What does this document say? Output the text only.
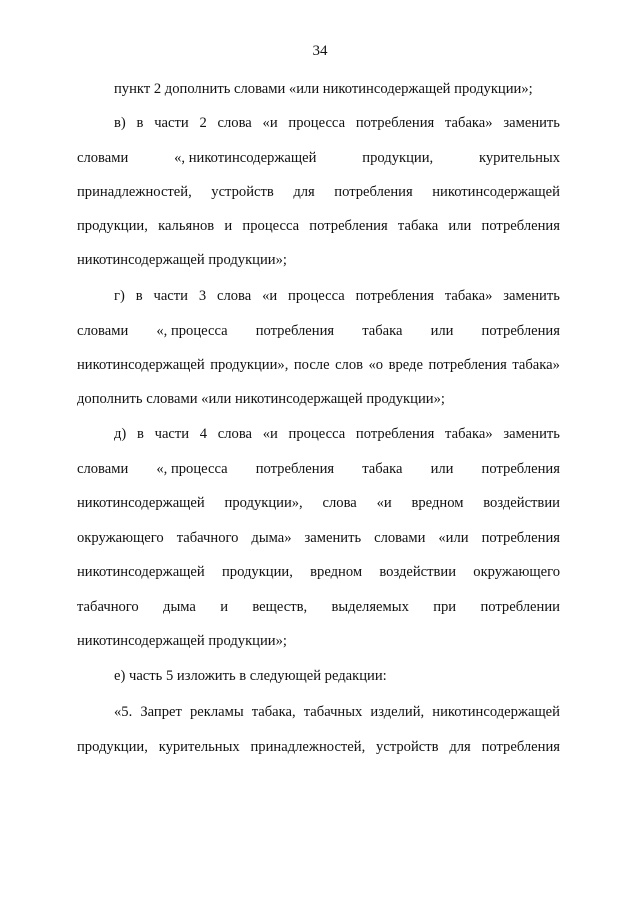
34
пункт 2 дополнить словами «или никотинсодержащей продукции»;
в) в части 2 слова «и процесса потребления табака» заменить
словами	«, никотинсодержащей	продукции,	курительных
принадлежностей, устройств для потребления никотинсодержащей
продукции, кальянов и процесса потребления табака или потребления
никотинсодержащей продукции»;
г) в части 3 слова «и процесса потребления табака» заменить
словами «, процесса потребления табака или потребления
никотинсодержащей продукции», после слов «о вреде потребления табака»
дополнить словами «или никотинсодержащей продукции»;
д) в части 4 слова «и процесса потребления табака» заменить
словами «, процесса потребления табака или потребления
никотинсодержащей продукции», слова «и вредном воздействии
окружающего табачного дыма» заменить словами «или потребления
никотинсодержащей продукции, вредном воздействии окружающего
табачного дыма и веществ, выделяемых при потреблении
никотинсодержащей продукции»;
е) часть 5 изложить в следующей редакции:
«5. Запрет рекламы табака, табачных изделий, никотинсодержащей
продукции, курительных принадлежностей, устройств для потребления
